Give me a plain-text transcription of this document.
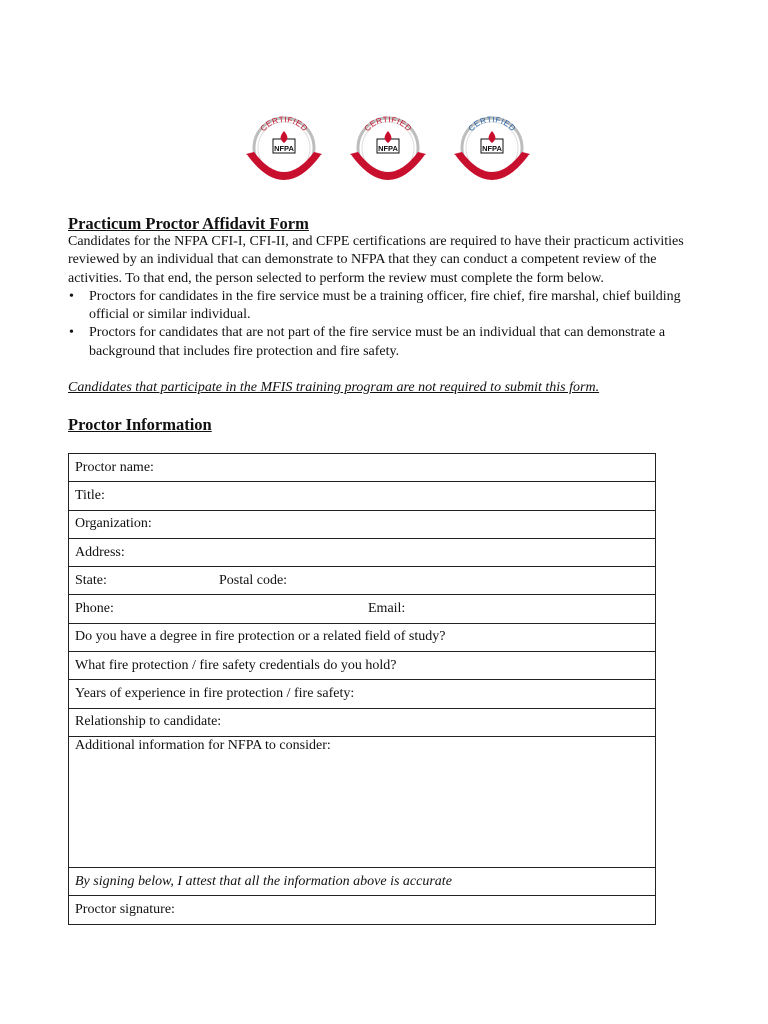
CERTIFIED
FIRE INSPECTOR I
NFPA
CERTIFIED
FIRE INSPECTOR II
NFPA
CERTIFIED
FIRE PLAN EXAMINER
NFPA

Practicum Proctor Affidavit Form

Candidates for the NFPA CFI-I, CFI-II, and CFPE certifications are required to have their practicum activities reviewed by an individual that can demonstrate to NFPA that they can conduct a competent review of the activities. To that end, the person selected to perform the review must complete the form below.

• Proctors for candidates in the fire service must be a training officer, fire chief, fire marshal, chief building official or similar individual.
• Proctors for candidates that are not part of the fire service must be an individual that can demonstrate a background that includes fire protection and fire safety.

Candidates that participate in the MFIS training program are not required to submit this form.

Proctor Information

Proctor name:
Title:
Organization:
Address:

State:	Postal code:

Phone:	Email:

Do you have a degree in fire protection or a related field of study?
What fire protection / fire safety credentials do you hold?
Years of experience in fire protection / fire safety:
Relationship to candidate:
Additional information for NFPA to consider:
By signing below, I attest that all the information above is accurate
Proctor signature:
